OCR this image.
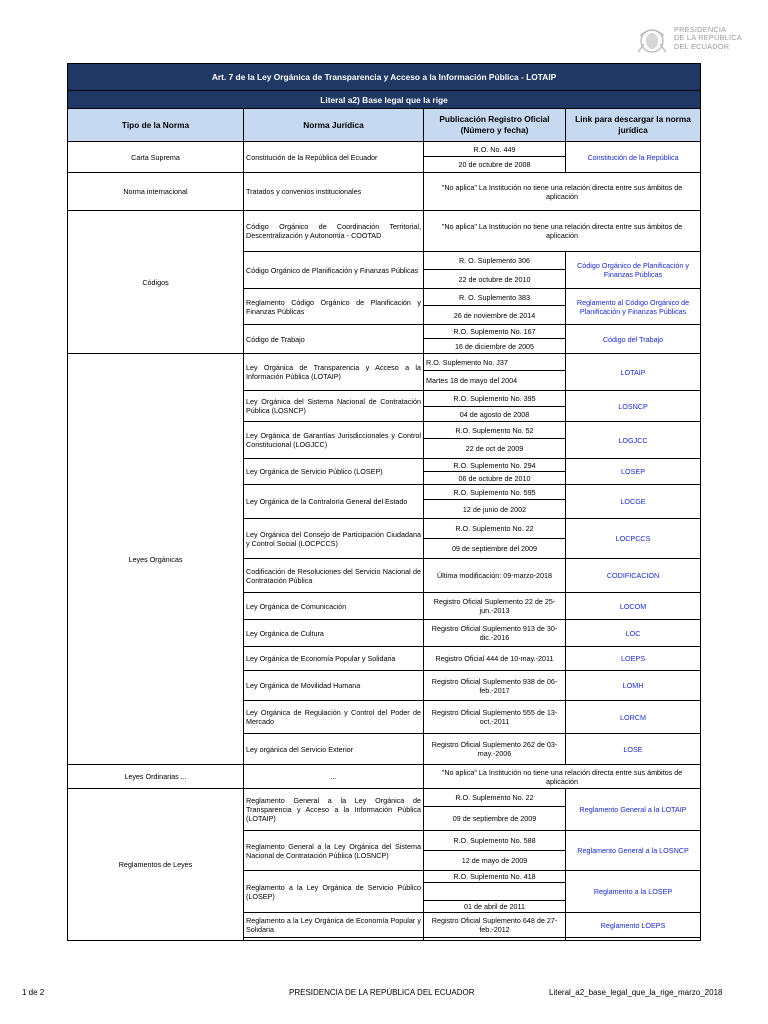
PRESIDENCIA
DE LA REPÚBLICA
DEL ECUADOR
Art. 7 de la Ley Orgánica de Transparencia y Acceso a la Información Pública - LOTAIP			
Literal a2) Base legal que la rige			
Tipo de la Norma	Norma Jurídica	Publicación Registro Oficial (Número y fecha)	Link para descargar la norma jurídica
Carta Suprema	Constitución de la República del Ecuador	R.O. No. 449	Constitución de la República
		20 de octubre de 2008	
Norma internacional	Tratados y convenios institucionales	"No aplica" La Institución no tiene una relación directa entre sus ámbitos de aplicación	
Códigos	Código Orgánico de Coordinación Territorial, Descentralización y Autonomía - COOTAD	"No aplica" La Institución no tiene una relación directa entre sus ámbitos de aplicación	
	Código Orgánico de Planificación y Finanzas Públicas	R. O. Suplemento 306	Código Orgánico de Planificación y Finanzas Públicas
		22 de octubre de 2010	
	Reglamento Código Orgánico de Planificación y Finanzas Públicas	R. O. Suplemento 383	Reglamento al Código Orgánico de Planificación y Finanzas Públicas
		26 de noviembre de 2014	
	Código de Trabajo	R.O. Suplemento No. 167	Código del Trabajo
		16 de diciembre de 2005	
Leyes Orgánicas	Ley Orgánica de Transparencia y Acceso a la Información Pública (LOTAIP)	R.O. Suplemento No. J37	LOTAIP
		Martes 18 de mayo del 2004	
	Ley Orgánica del Sistema Nacional de Contratación Pública (LOSNCP)	R.O. Suplemento No. 395	LOSNCP
		04 de agosto de 2008	
	Ley Orgánica de Garantías Jurisdiccionales y Control Constitucional (LOGJCC)	R.O. Suplemento No. 52	LOGJCC
		22 de oct de 2009	
	Ley Orgánica de Servicio Público (LOSEP)	R.O. Suplemento No. 294	LOSEP
		06 de octubre de 2010	
	Ley Orgánica de la Contraloría General del Estado	R.O. Suplemento No. 595	LOCGE
		12 de junio de 2002	
	Ley Orgánica del Consejo de Participación Ciudadana y Control Social (LOCPCCS)	R.O. Suplemento No. 22	LOCPCCS
		09 de septiembre del 2009	
	Codificación de Resoluciones del Servicio Nacional de Contratación Pública	Última modificación: 09-marzo-2018	CODIFICACION
	Ley Orgánica de Comunicación	Registro Oficial Suplemento 22 de 25-jun.-2013	LOCOM
	Ley Orgánica de Cultura	Registro Oficial Suplemento 913 de 30-dic.-2016	LOC
	Ley Orgánica de Economía Popular y Solidaria	Registro Oficial 444 de 10-may.-2011	LOEPS
	Ley Orgánica de Movilidad Humana	Registro Oficial Suplemento 938 de 06-feb.-2017	LOMH
	Ley Orgánica de Regulación y Control del Poder de Mercado	Registro Oficial Suplemento 555 de 13-oct.-2011	LORCM
	Ley orgánica del Servicio Exterior	Registro Oficial Suplemento 262 de 03-may.-2006	LOSE
Leyes Ordinarias ...	...	"No aplica" La Institución no tiene una relación directa entre sus ámbitos de aplicación	
Reglamentos de Leyes	Reglamento General a la Ley Orgánica de Transparencia y Acceso a la Información Pública (LOTAIP)	R.O. Suplemento No. 22	Reglamento General a la LOTAIP
		09 de septiembre de 2009	
	Reglamento General a la Ley Orgánica del Sistema Nacional de Contratación Pública (LOSNCP)	R.O. Suplemento No. 588	Reglamento General a la LOSNCP
		12 de mayo de 2009	
	Reglamento a la Ley Orgánica de Servicio Público (LOSEP)	R.O. Suplemento No. 418	Reglamento a la LOSEP

		01 de abril de 2011	
	Reglamento a la Ley Orgánica de Economía Popular y Solidaria	Registro Oficial Suplemento 648 de 27-feb.-2012	Reglamento LOEPS

1 de 2	PRESIDENCIA DE LA REPÚBLICA DEL ECUADOR	Literal_a2_base_legal_que_la_rige_marzo_2018
